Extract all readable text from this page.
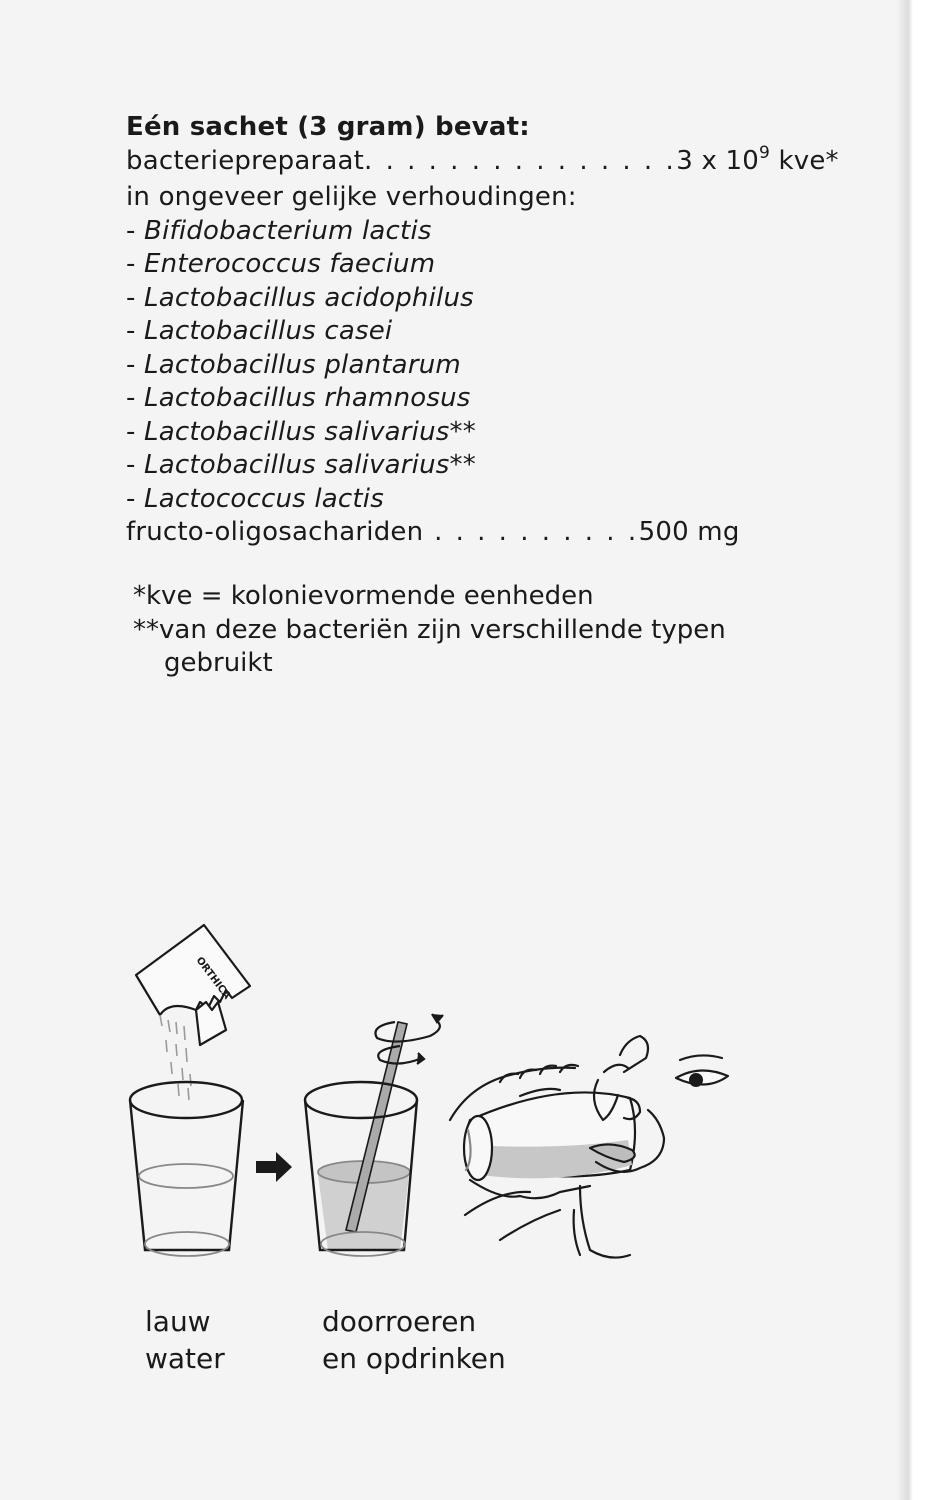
Eén sachet (3 gram) bevat:
bacteriepreparaat. . . . . . . . . . . . . . .3 x $10^9$ kve*
in ongeveer gelijke verhoudingen:
- Bifidobacterium lactis
- Enterococcus faecium
- Lactobacillus acidophilus
- Lactobacillus casei
- Lactobacillus plantarum
- Lactobacillus rhamnosus
- Lactobacillus salivarius**
- Lactobacillus salivarius**
- Lactococcus lactis
fructo-oligosachariden . . . . . . . . . .500 mg
*kve = kolonievormende eenheden
**van deze bacteriën zijn verschillende typen
gebruikt
ORTHICA
lauw
water
doorroeren
en opdrinken
